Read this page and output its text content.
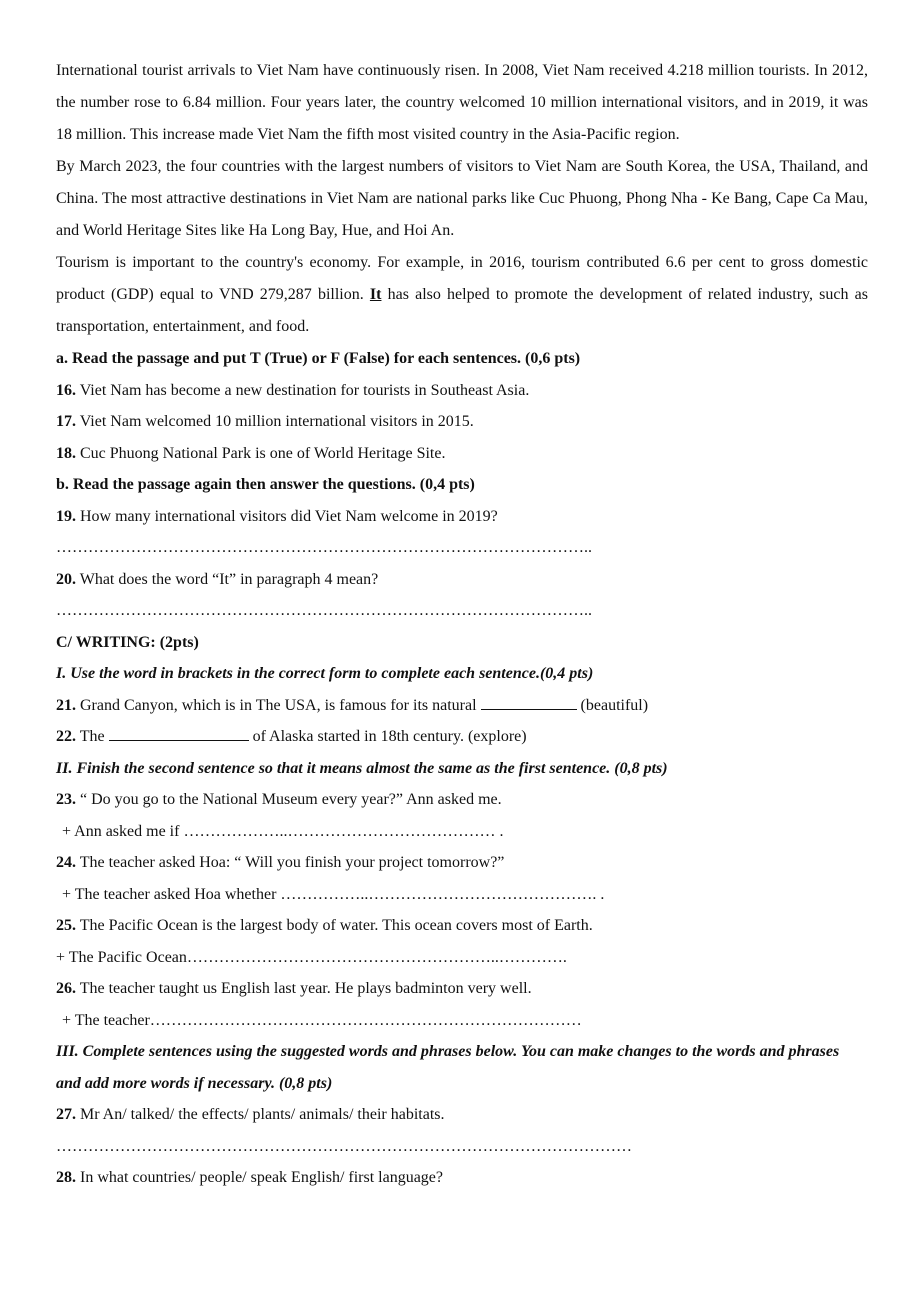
International tourist arrivals to Viet Nam have continuously risen. In 2008, Viet Nam received 4.218 million tourists. In 2012, the number rose to 6.84 million. Four years later, the country welcomed 10 million international visitors, and in 2019, it was 18 million. This increase made Viet Nam the fifth most visited country in the Asia-Pacific region.

By March 2023, the four countries with the largest numbers of visitors to Viet Nam are South Korea, the USA, Thailand, and China. The most attractive destinations in Viet Nam are national parks like Cuc Phuong, Phong Nha - Ke Bang, Cape Ca Mau, and World Heritage Sites like Ha Long Bay, Hue, and Hoi An.

Tourism is important to the country's economy. For example, in 2016, tourism contributed 6.6 per cent to gross domestic product (GDP) equal to VND 279,287 billion. It has also helped to promote the development of related industry, such as transportation, entertainment, and food.

a. Read the passage and put T (True) or F (False) for each sentences. (0,6 pts)

16. Viet Nam has become a new destination for tourists in Southeast Asia.

17. Viet Nam welcomed 10 million international visitors in 2015.

18. Cuc Phuong National Park is one of World Heritage Site.

b. Read the passage again then answer the questions. (0,4 pts)

19. How many international visitors did Viet Nam welcome in 2019?

………………………………………………………………………………………..

20. What does the word “It” in paragraph 4 mean?

………………………………………………………………………………………..

C/ WRITING: (2pts)

I. Use the word in brackets in the correct form to complete each sentence.(0,4 pts)

21. Grand Canyon, which is in The USA, is famous for its natural	(beautiful)

22. The	of Alaska started in 18th century. (explore)

II. Finish the second sentence so that it means almost the same as the first sentence. (0,8 pts)

23. “ Do you go to the National Museum every year?” Ann asked me.

+ Ann asked me if ………………..………………………………… .

24. The teacher asked Hoa: “ Will you finish your project tomorrow?”

+ The teacher asked Hoa whether ……………..……………………………………. .

25. The Pacific Ocean is the largest body of water. This ocean covers most of Earth.

+ The Pacific Ocean…………………………………………………..………….

26. The teacher taught us English last year. He plays badminton very well.

+ The teacher………………………………………………………………………

III. Complete sentences using the suggested words and phrases below. You can make changes to the words and phrases and add more words if necessary. (0,8 pts)

27. Mr An/ talked/ the effects/ plants/ animals/ their habitats.

………………………………………………………………………………………………

28. In what countries/ people/ speak English/ first language?
